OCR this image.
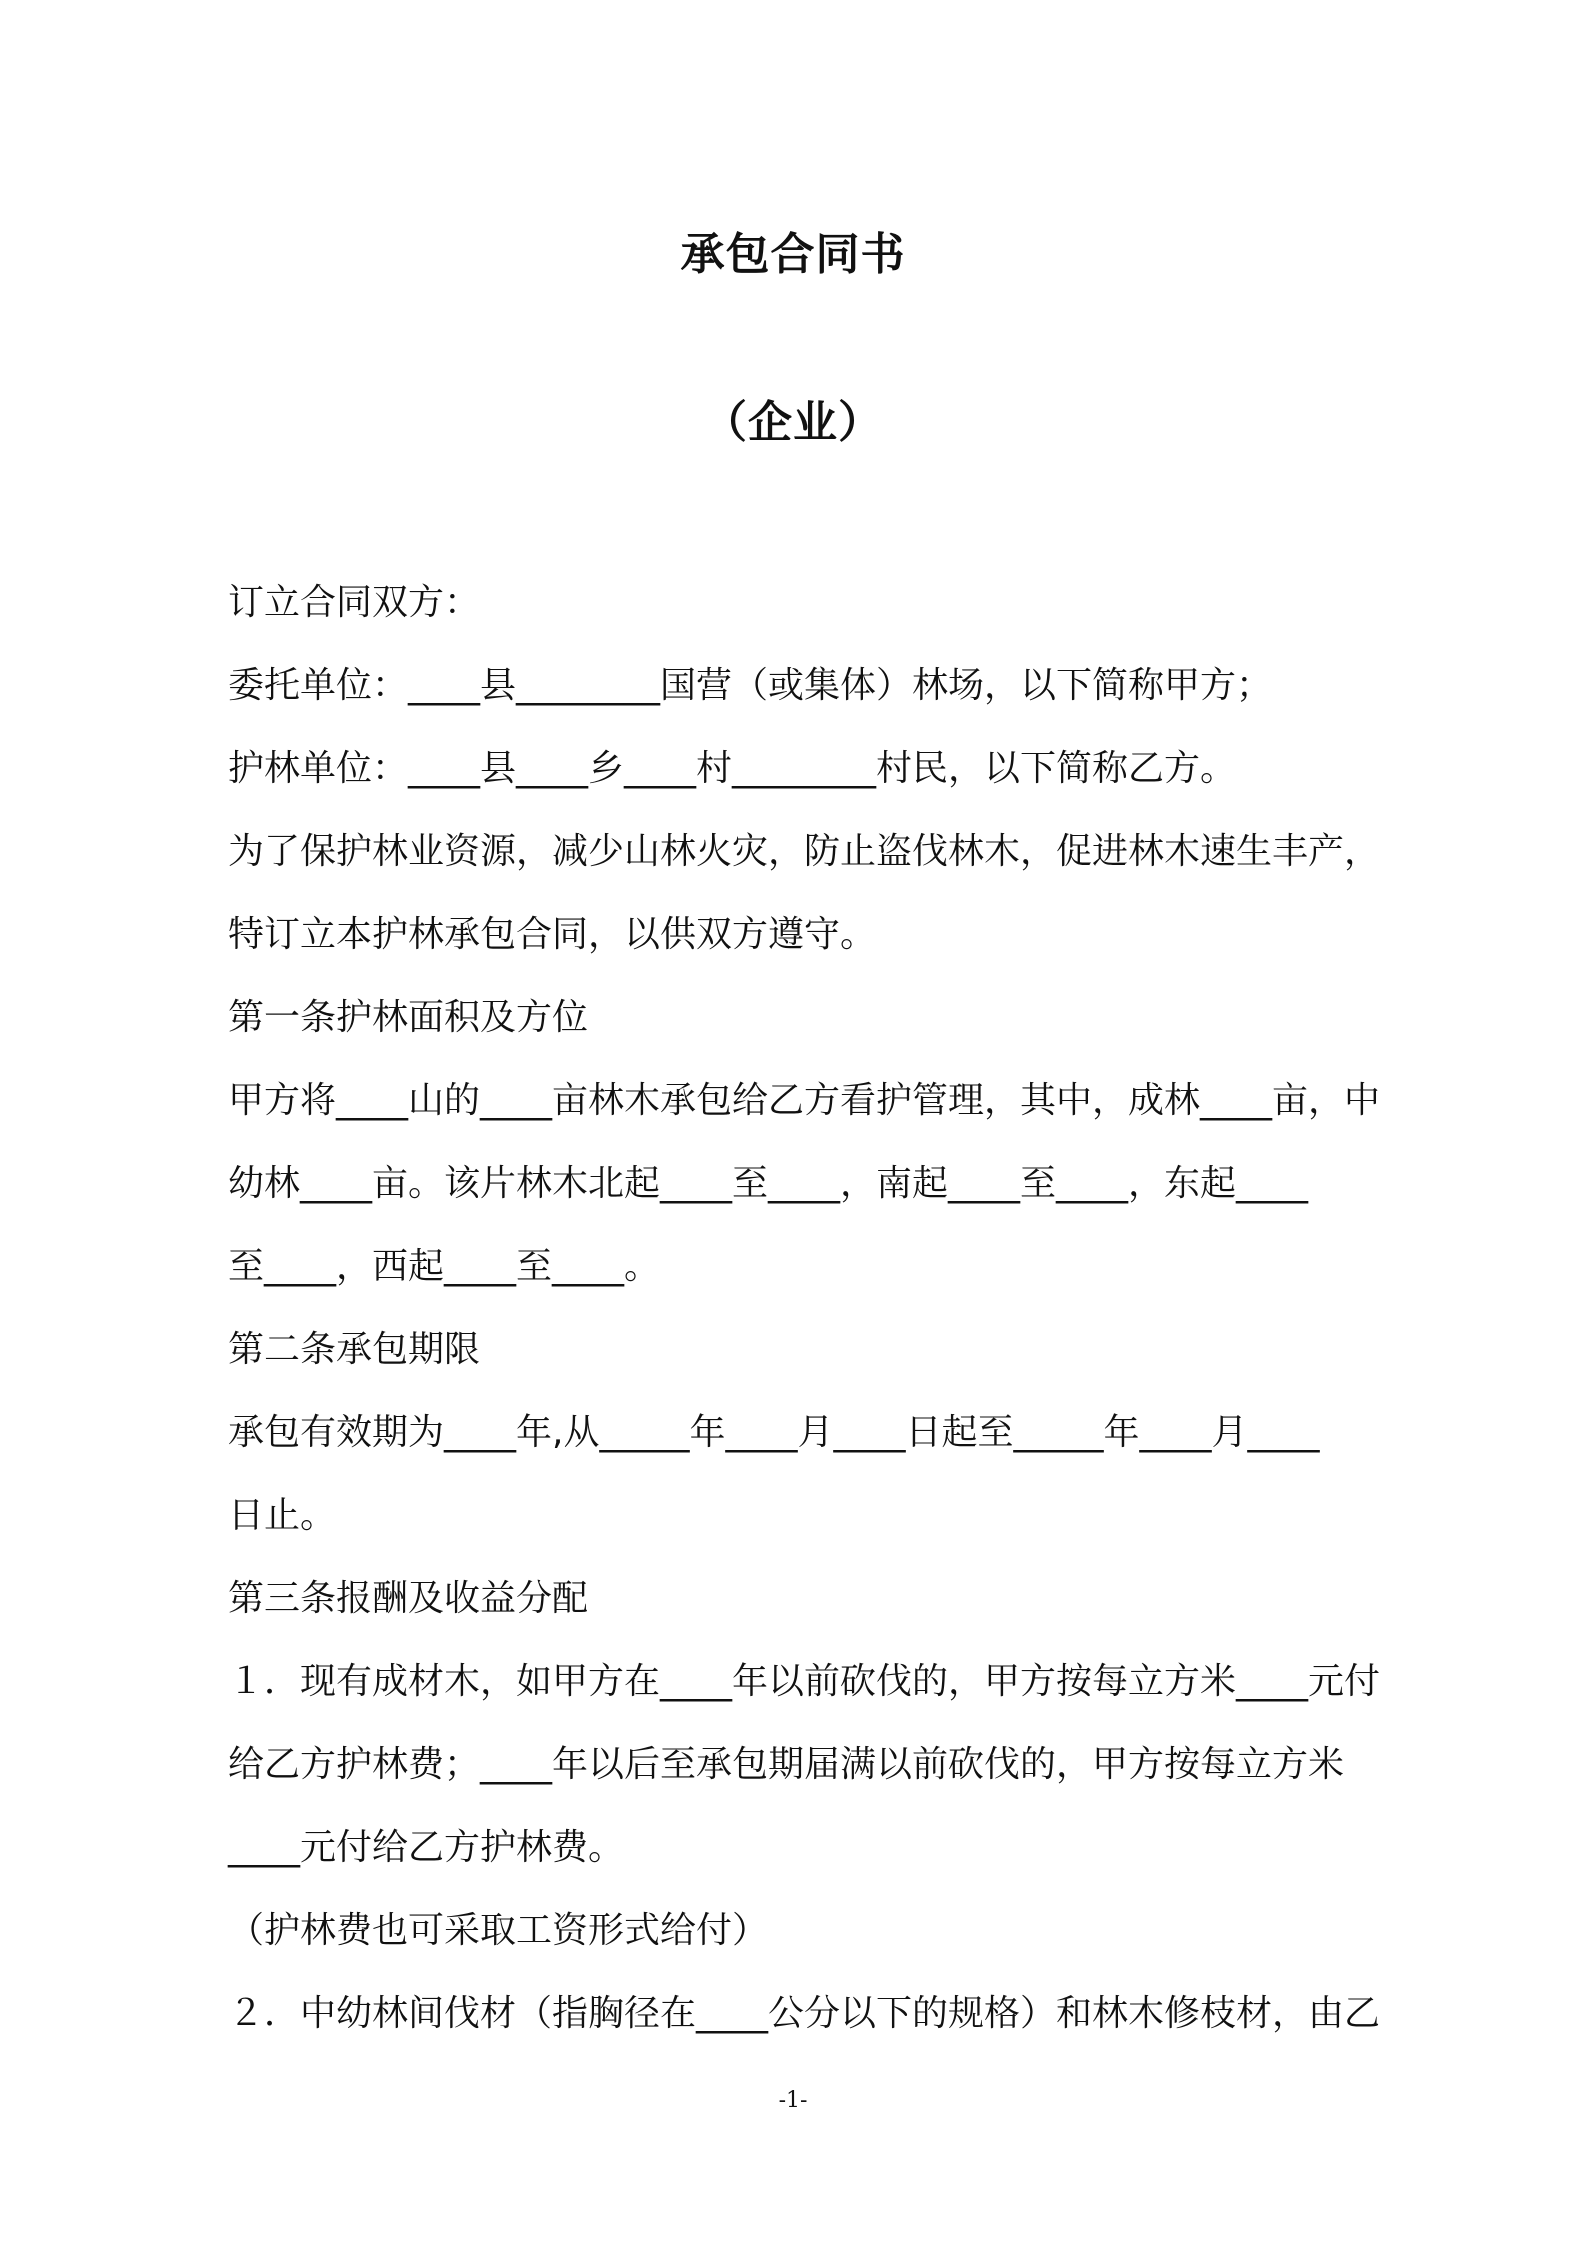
承包合同书
（企业）
订立合同双方：
委托单位：____县________国营（或集体）林场，以下简称甲方；
护林单位：____县____乡____村________村民，以下简称乙方。
为了保护林业资源，减少山林火灾，防止盗伐林木，促进林木速生丰产，
特订立本护林承包合同，以供双方遵守。
第一条护林面积及方位
甲方将____山的____亩林木承包给乙方看护管理，其中，成林____亩，中
幼林____亩。该片林木北起____至____，南起____至____，东起____
至____，西起____至____。
第二条承包期限
承包有效期为____年,从_____年____月____日起至_____年____月____
日止。
第三条报酬及收益分配
１．现有成材木，如甲方在____年以前砍伐的，甲方按每立方米____元付
给乙方护林费；____年以后至承包期届满以前砍伐的，甲方按每立方米
____元付给乙方护林费。
（护林费也可采取工资形式给付）
２．中幼林间伐材（指胸径在____公分以下的规格）和林木修枝材，由乙
-1-
